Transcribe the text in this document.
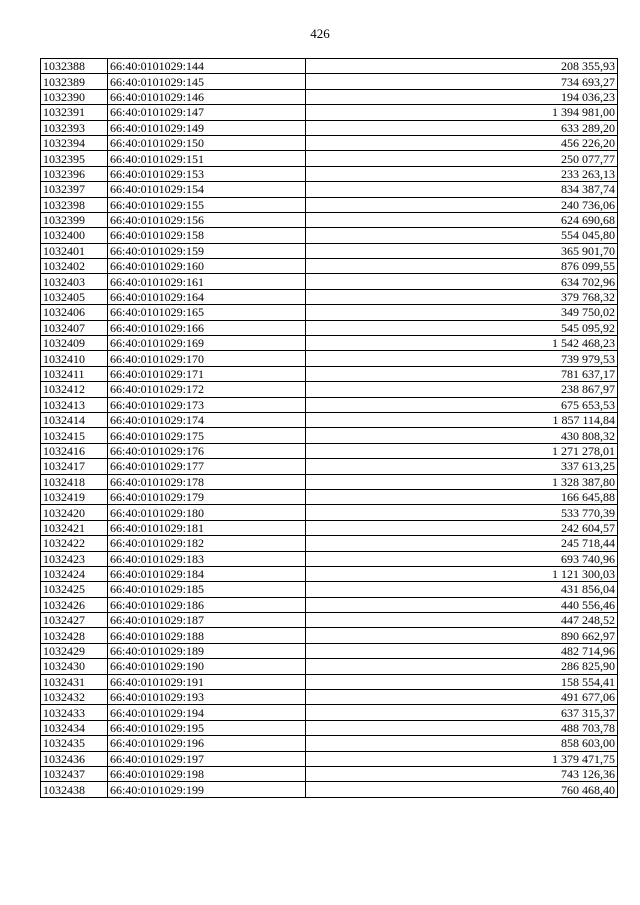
426
1032388	66:40:0101029:144	208 355,93
1032389	66:40:0101029:145	734 693,27
1032390	66:40:0101029:146	194 036,23
1032391	66:40:0101029:147	1 394 981,00
1032393	66:40:0101029:149	633 289,20
1032394	66:40:0101029:150	456 226,20
1032395	66:40:0101029:151	250 077,77
1032396	66:40:0101029:153	233 263,13
1032397	66:40:0101029:154	834 387,74
1032398	66:40:0101029:155	240 736,06
1032399	66:40:0101029:156	624 690,68
1032400	66:40:0101029:158	554 045,80
1032401	66:40:0101029:159	365 901,70
1032402	66:40:0101029:160	876 099,55
1032403	66:40:0101029:161	634 702,96
1032405	66:40:0101029:164	379 768,32
1032406	66:40:0101029:165	349 750,02
1032407	66:40:0101029:166	545 095,92
1032409	66:40:0101029:169	1 542 468,23
1032410	66:40:0101029:170	739 979,53
1032411	66:40:0101029:171	781 637,17
1032412	66:40:0101029:172	238 867,97
1032413	66:40:0101029:173	675 653,53
1032414	66:40:0101029:174	1 857 114,84
1032415	66:40:0101029:175	430 808,32
1032416	66:40:0101029:176	1 271 278,01
1032417	66:40:0101029:177	337 613,25
1032418	66:40:0101029:178	1 328 387,80
1032419	66:40:0101029:179	166 645,88
1032420	66:40:0101029:180	533 770,39
1032421	66:40:0101029:181	242 604,57
1032422	66:40:0101029:182	245 718,44
1032423	66:40:0101029:183	693 740,96
1032424	66:40:0101029:184	1 121 300,03
1032425	66:40:0101029:185	431 856,04
1032426	66:40:0101029:186	440 556,46
1032427	66:40:0101029:187	447 248,52
1032428	66:40:0101029:188	890 662,97
1032429	66:40:0101029:189	482 714,96
1032430	66:40:0101029:190	286 825,90
1032431	66:40:0101029:191	158 554,41
1032432	66:40:0101029:193	491 677,06
1032433	66:40:0101029:194	637 315,37
1032434	66:40:0101029:195	488 703,78
1032435	66:40:0101029:196	858 603,00
1032436	66:40:0101029:197	1 379 471,75
1032437	66:40:0101029:198	743 126,36
1032438	66:40:0101029:199	760 468,40
